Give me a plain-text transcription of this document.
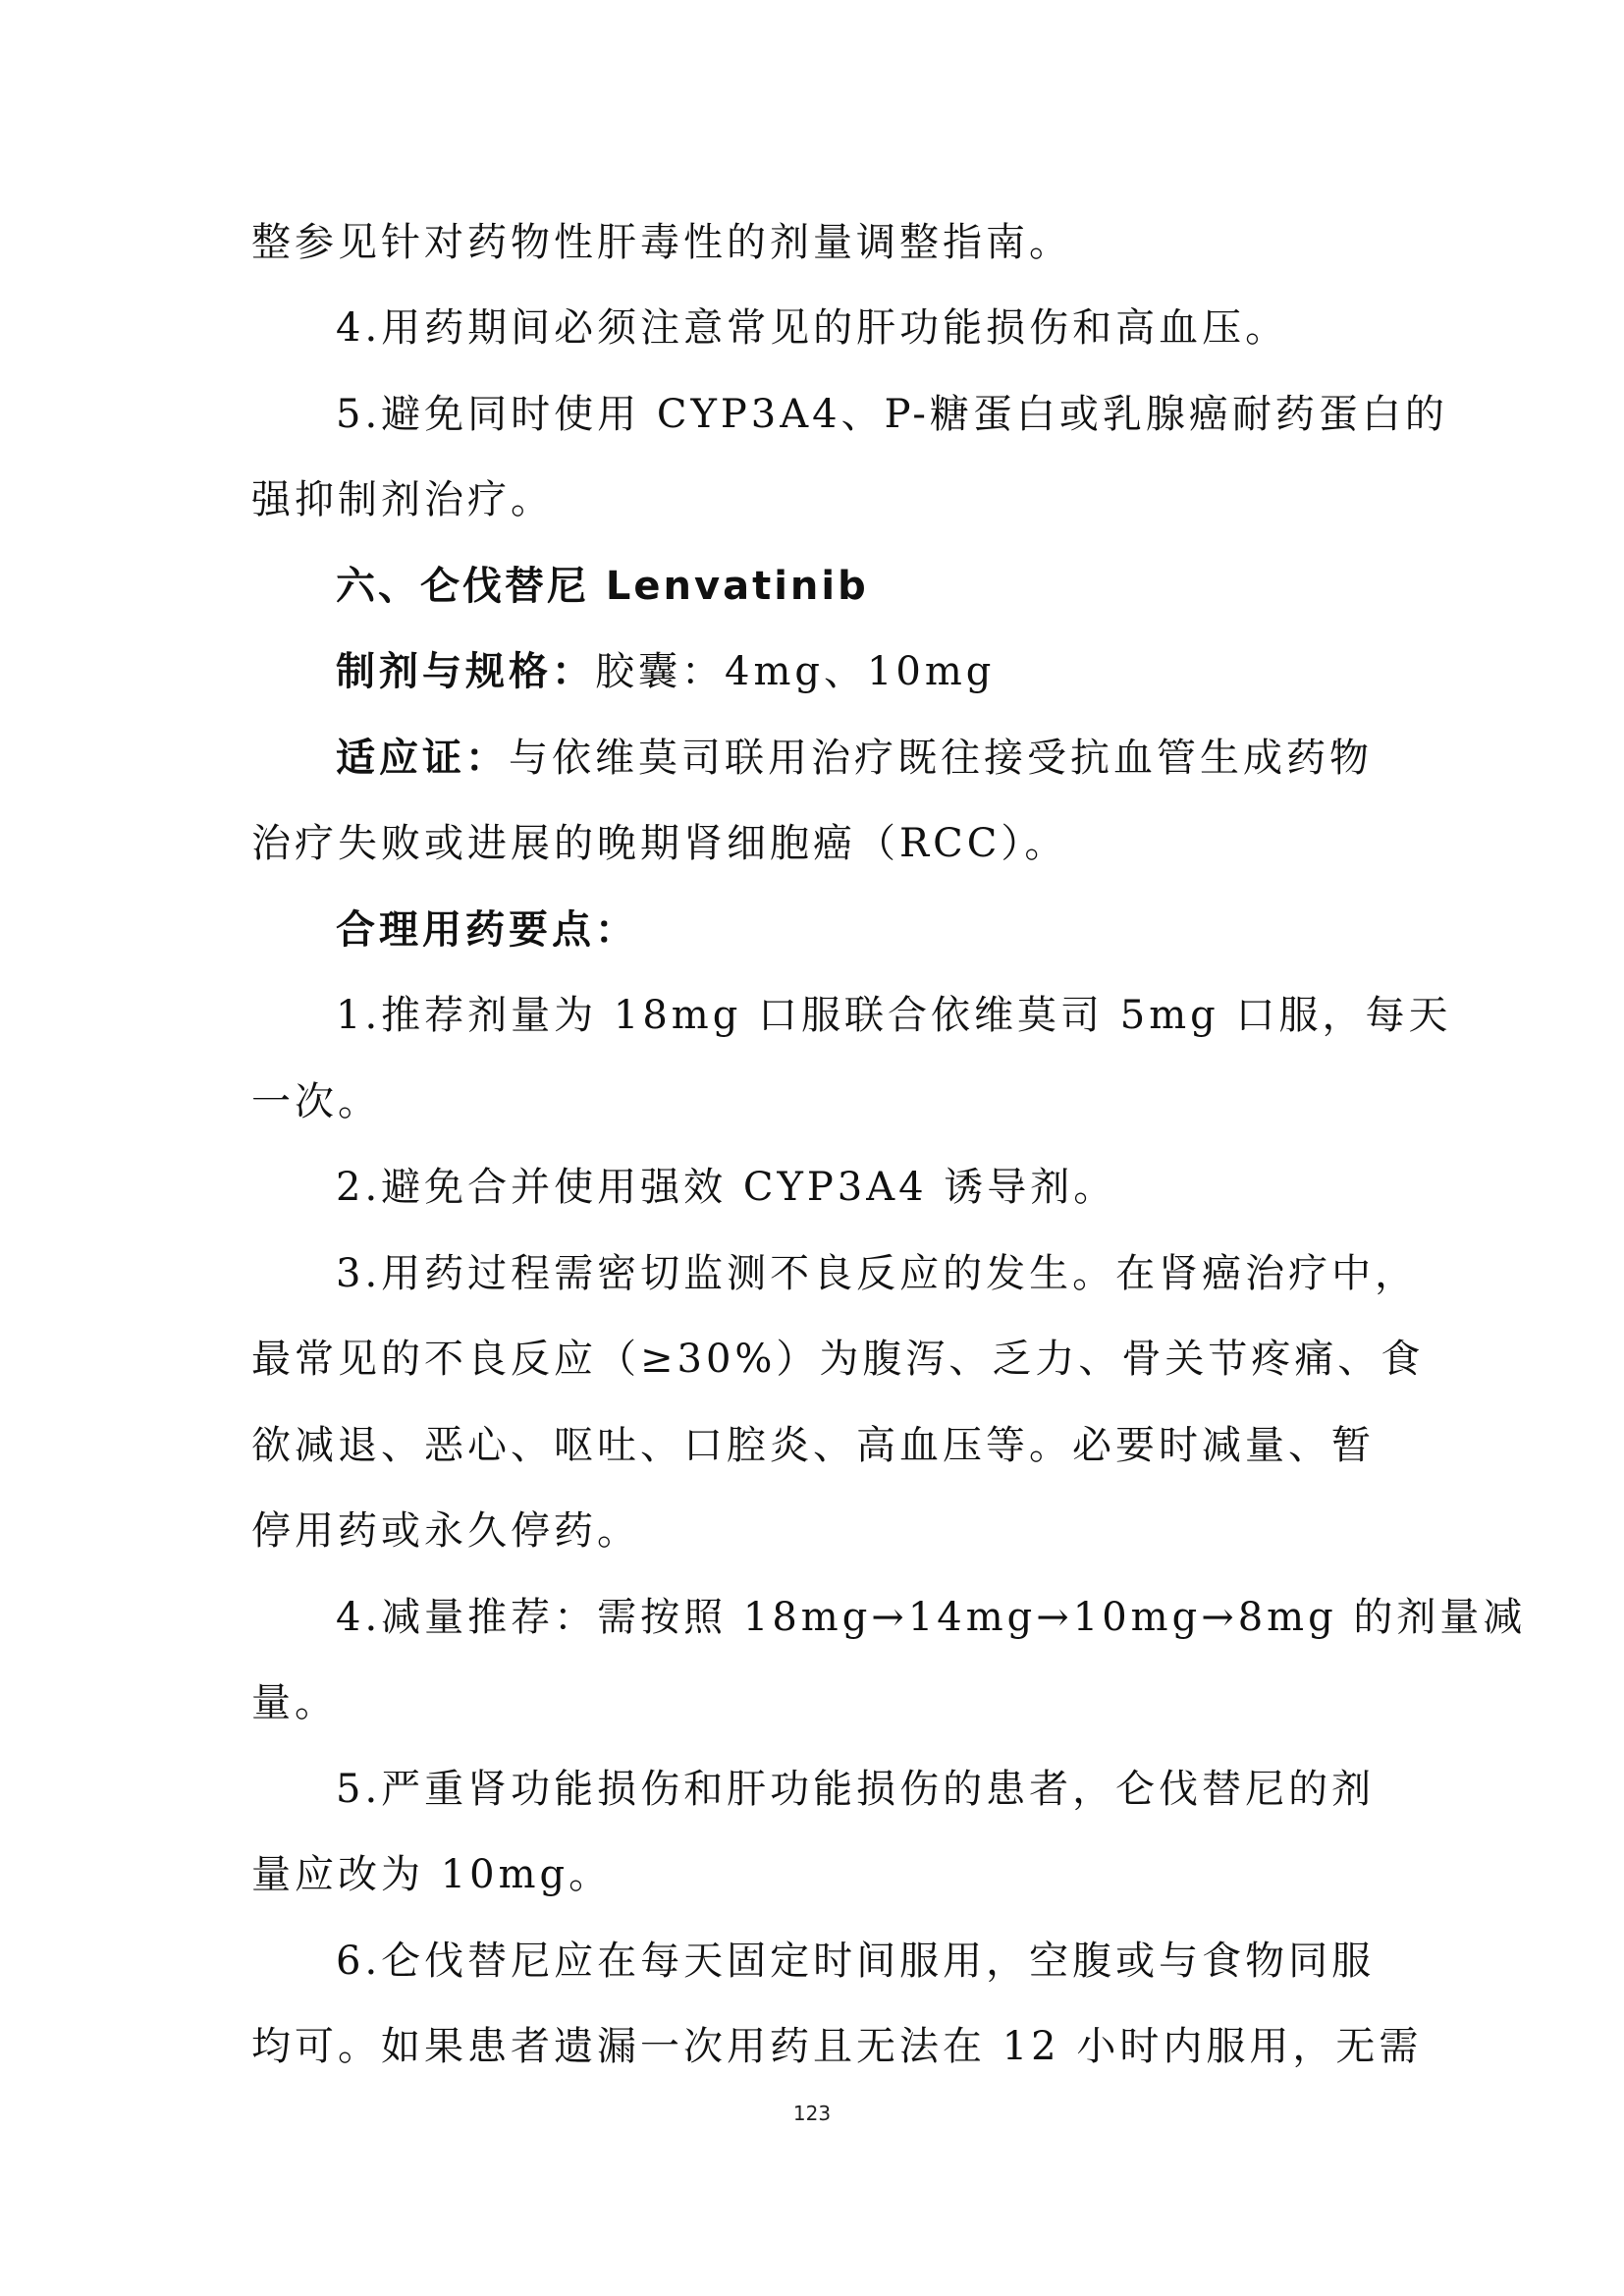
整参见针对药物性肝毒性的剂量调整指南。
4.用药期间必须注意常见的肝功能损伤和高血压。
5.避免同时使用 CYP3A4、P-糖蛋白或乳腺癌耐药蛋白的
强抑制剂治疗。
六、仑伐替尼 Lenvatinib
制剂与规格：胶囊：4mg、10mg
适应证：与依维莫司联用治疗既往接受抗血管生成药物
治疗失败或进展的晚期肾细胞癌（RCC）。
合理用药要点：
1.推荐剂量为 18mg 口服联合依维莫司 5mg 口服，每天
一次。
2.避免合并使用强效 CYP3A4 诱导剂。
3.用药过程需密切监测不良反应的发生。在肾癌治疗中，
最常见的不良反应（≥30%）为腹泻、乏力、骨关节疼痛、食
欲减退、恶心、呕吐、口腔炎、高血压等。必要时减量、暂
停用药或永久停药。
4.减量推荐：需按照 18mg→14mg→10mg→8mg 的剂量减
量。
5.严重肾功能损伤和肝功能损伤的患者，仑伐替尼的剂
量应改为 10mg。
6.仑伐替尼应在每天固定时间服用，空腹或与食物同服
均可。如果患者遗漏一次用药且无法在 12 小时内服用，无需
123
